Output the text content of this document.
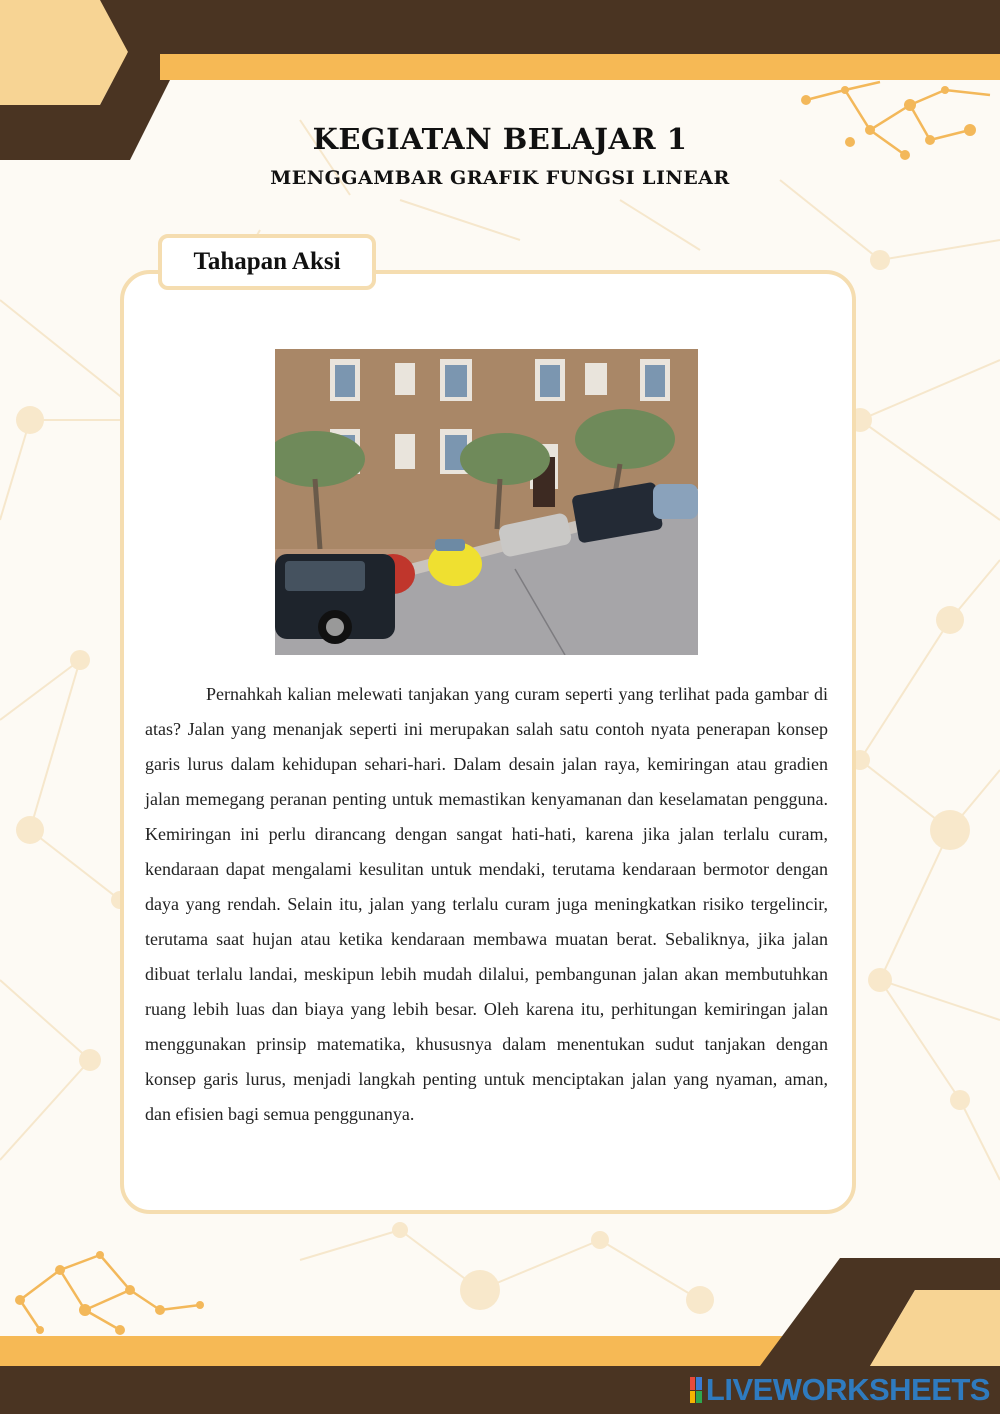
KEGIATAN BELAJAR 1
MENGGAMBAR GRAFIK FUNGSI LINEAR
Tahapan Aksi

Pernahkah kalian melewati tanjakan yang curam seperti yang terlihat pada gambar di atas? Jalan yang menanjak seperti ini merupakan salah satu contoh nyata penerapan konsep garis lurus dalam kehidupan sehari-hari. Dalam desain jalan raya, kemiringan atau gradien jalan memegang peranan penting untuk memastikan kenyamanan dan keselamatan pengguna. Kemiringan ini perlu dirancang dengan sangat hati-hati, karena jika jalan terlalu curam, kendaraan dapat mengalami kesulitan untuk mendaki, terutama kendaraan bermotor dengan daya yang rendah. Selain itu, jalan yang terlalu curam juga meningkatkan risiko tergelincir, terutama saat hujan atau ketika kendaraan membawa muatan berat. Sebaliknya, jika jalan dibuat terlalu landai, meskipun lebih mudah dilalui, pembangunan jalan akan membutuhkan ruang lebih luas dan biaya yang lebih besar. Oleh karena itu, perhitungan kemiringan jalan menggunakan prinsip matematika, khususnya dalam menentukan sudut tanjakan dengan konsep garis lurus, menjadi langkah penting untuk menciptakan jalan yang nyaman, aman, dan efisien bagi semua penggunanya.

LIVEWORKSHEETS
